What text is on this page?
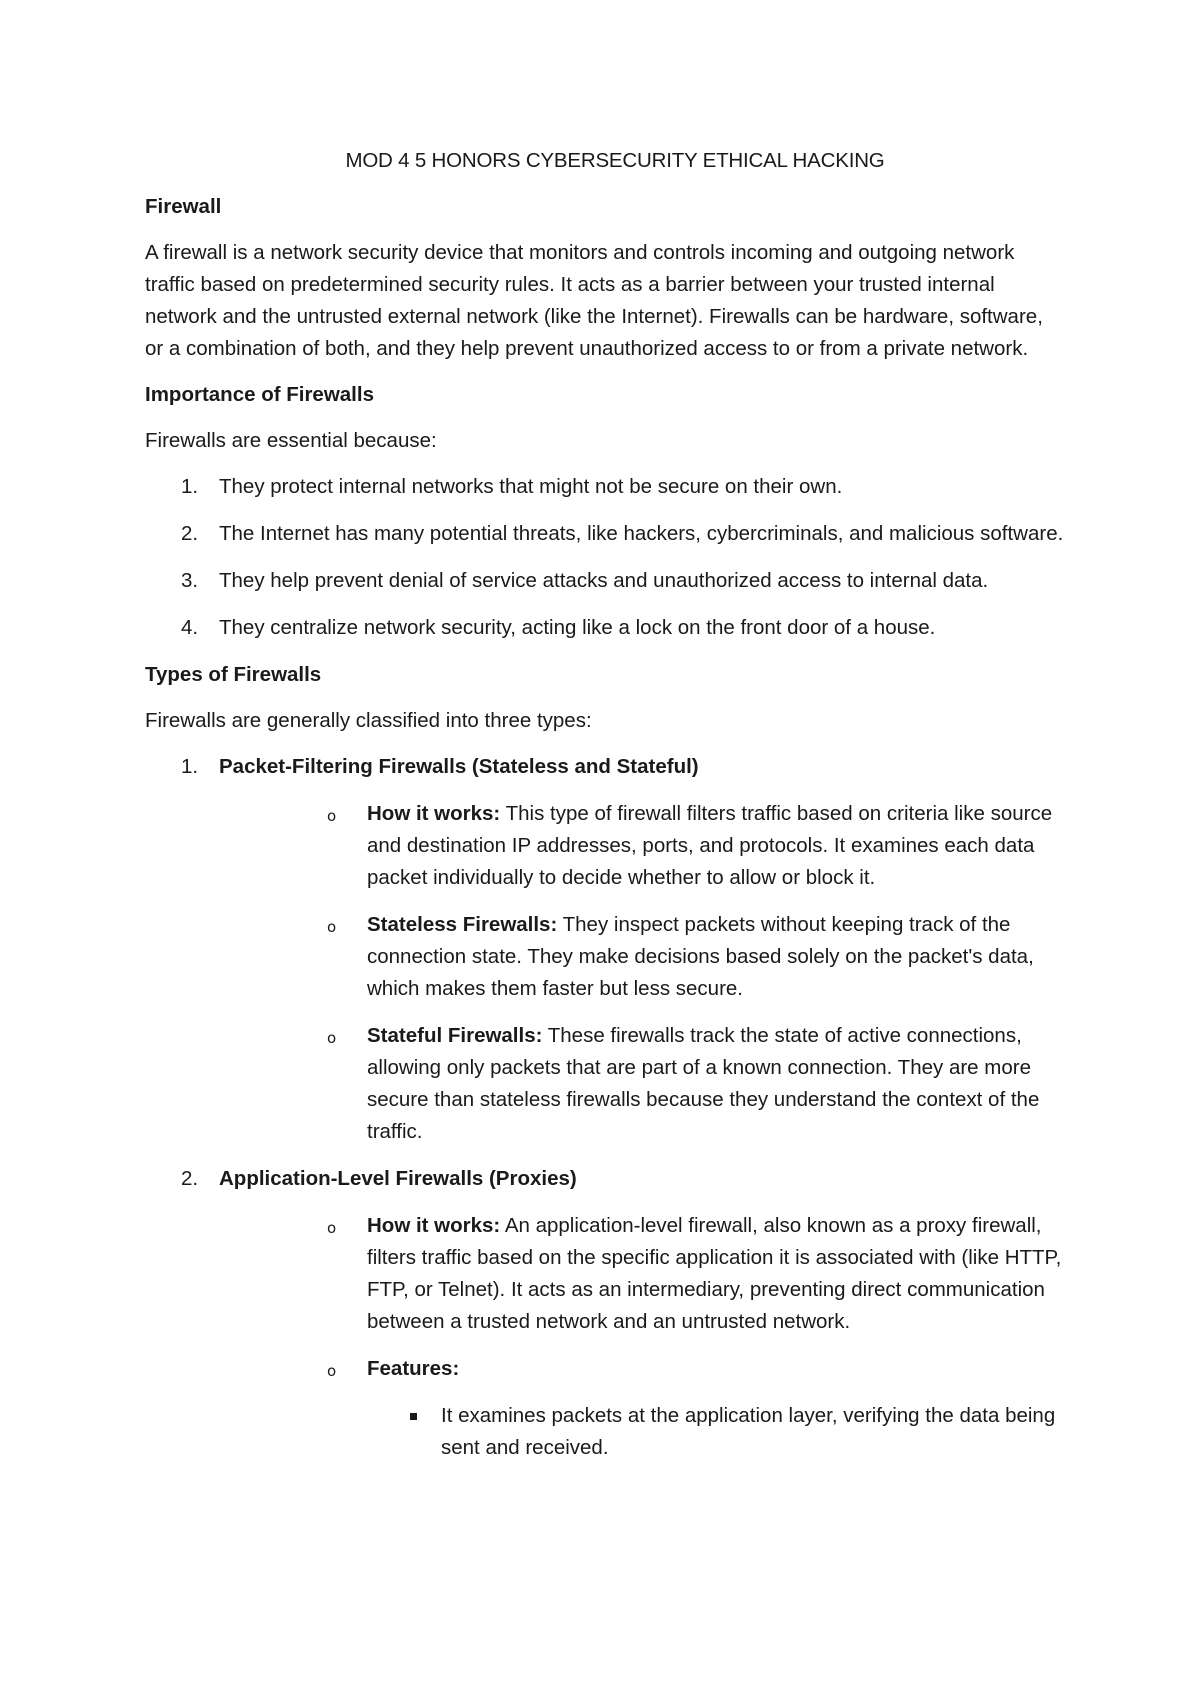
MOD 4 5 HONORS CYBERSECURITY ETHICAL HACKING
Firewall
A firewall is a network security device that monitors and controls incoming and outgoing network traffic based on predetermined security rules. It acts as a barrier between your trusted internal network and the untrusted external network (like the Internet). Firewalls can be hardware, software, or a combination of both, and they help prevent unauthorized access to or from a private network.
Importance of Firewalls
Firewalls are essential because:
1. They protect internal networks that might not be secure on their own.
2. The Internet has many potential threats, like hackers, cybercriminals, and malicious software.
3. They help prevent denial of service attacks and unauthorized access to internal data.
4. They centralize network security, acting like a lock on the front door of a house.
Types of Firewalls
Firewalls are generally classified into three types:
1. Packet-Filtering Firewalls (Stateless and Stateful)
o How it works: This type of firewall filters traffic based on criteria like source and destination IP addresses, ports, and protocols. It examines each data packet individually to decide whether to allow or block it.
o Stateless Firewalls: They inspect packets without keeping track of the connection state. They make decisions based solely on the packet's data, which makes them faster but less secure.
o Stateful Firewalls: These firewalls track the state of active connections, allowing only packets that are part of a known connection. They are more secure than stateless firewalls because they understand the context of the traffic.
2. Application-Level Firewalls (Proxies)
o How it works: An application-level firewall, also known as a proxy firewall, filters traffic based on the specific application it is associated with (like HTTP, FTP, or Telnet). It acts as an intermediary, preventing direct communication between a trusted network and an untrusted network.
o Features:
It examines packets at the application layer, verifying the data being sent and received.
